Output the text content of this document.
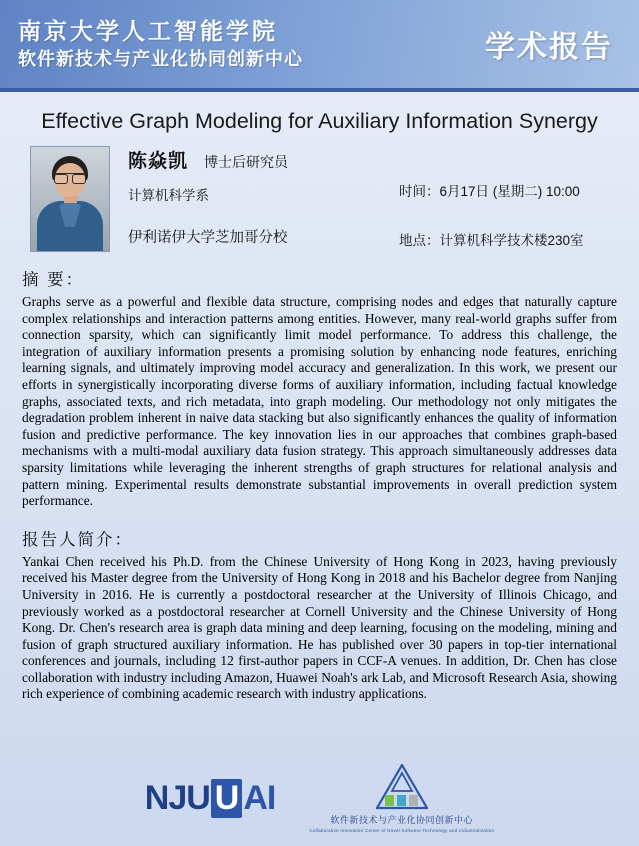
南京大学人工智能学院
软件新技术与产业化协同创新中心	学术报告
Effective Graph Modeling for Auxiliary Information Synergy
陈焱凯 博士后研究员
计算机科学系
伊利诺伊大学芝加哥分校
时间：6月17日 (星期二) 10:00
地点：计算机科学技术楼230室
摘 要：
Graphs serve as a powerful and flexible data structure, comprising nodes and edges that naturally capture complex relationships and interaction patterns among entities. However, many real-world graphs suffer from connection sparsity, which can significantly limit model performance. To address this challenge, the integration of auxiliary information presents a promising solution by enhancing node features, enriching learning signals, and ultimately improving model accuracy and generalization. In this work, we present our efforts in synergistically incorporating diverse forms of auxiliary information, including factual knowledge graphs, associated texts, and rich metadata, into graph modeling. Our methodology not only mitigates the degradation problem inherent in naive data stacking but also significantly enhances the quality of information fusion and predictive performance. The key innovation lies in our approaches that combines graph-based mechanisms with a multi-modal auxiliary data fusion strategy. This approach simultaneously addresses data sparsity limitations while leveraging the inherent strengths of graph structures for relational analysis and pattern mining. Experimental results demonstrate substantial improvements in overall prediction system performance.
报告人简介：
Yankai Chen received his Ph.D. from the Chinese University of Hong Kong in 2023, having previously received his Master degree from the University of Hong Kong in 2018 and his Bachelor degree from Nanjing University in 2016. He is currently a postdoctoral researcher at the University of Illinois Chicago, and previously worked as a postdoctoral researcher at Cornell University and the Chinese University of Hong Kong. Dr. Chen's research area is graph data mining and deep learning, focusing on the modeling, mining and fusion of graph structured auxiliary information. He has published over 30 papers in top-tier international conferences and journals, including 12 first-author papers in CCF-A venues. In addition, Dr. Chen has close collaboration with industry including Amazon, Huawei Noah's ark Lab, and Microsoft Research Asia, showing rich experience of combining academic research with industry applications.
NJU U AI
软件新技术与产业化协同创新中心
Collaborative Innovation Center of Novel Software Technology and Industrialization
